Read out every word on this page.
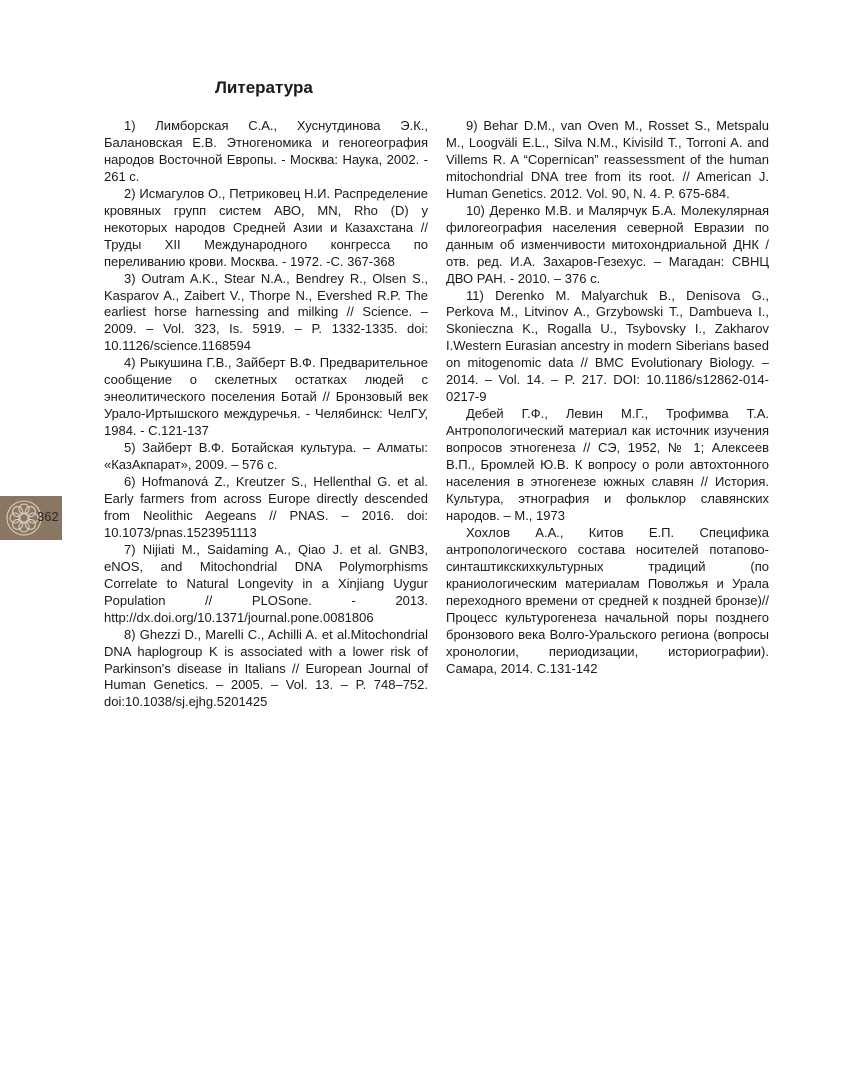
Литература

1) Лимборская С.А., Хуснутдинова Э.К., Балановская Е.В. Этногеномика и геногеография народов Восточной Европы. - Москва: Наука, 2002. - 261 с.

2) Исмагулов О., Петриковец Н.И. Распределение кровяных групп систем АВО, MN, Rho (D) у некоторых народов Средней Азии и Казахстана // Труды XII Международного конгресса по переливанию крови. Москва. - 1972. -С. 367-368

3) Outram A.K., Stear N.A., Bendrey R., Olsen S., Kasparov A., Zaibert V., Thorpe N., Evershed R.P. The earliest horse harnessing and milking // Science. – 2009. – Vol. 323, Is. 5919. – P. 1332-1335. doi: 10.1126/science.1168594

4) Рыкушина Г.В., Зайберт В.Ф. Предварительное сообщение о скелетных остатках людей с энеолитического поселения Ботай // Бронзовый век Урало-Иртышского междуречья. - Челябинск: ЧелГУ, 1984. - С.121-137

5) Зайберт В.Ф. Ботайская культура. – Алматы: «КазАкпарат», 2009. – 576 с.

6) Hofmanová Z., Kreutzer S., Hellenthal G. et al. Early farmers from across Europe directly descended from Neolithic Aegeans // PNAS. – 2016. doi: 10.1073/pnas.1523951113

7) Nijiati M., Saidaming A., Qiao J. et al. GNB3, eNOS, and Mitochondrial DNA Polymorphisms Correlate to Natural Longevity in a Xinjiang Uygur Population // PLOSone. - 2013. http://dx.doi.org/10.1371/journal.pone.0081806

8) Ghezzi D., Marelli C., Achilli A. et al.Mitochondrial DNA haplogroup K is associated with a lower risk of Parkinson's disease in Italians // European Journal of Human Genetics. – 2005. – Vol. 13. – P. 748–752. doi:10.1038/sj.ejhg.5201425

9) Behar D.M., van Oven M., Rosset S., Metspalu M., Loogväli E.L., Silva N.M., Kivisild T., Torroni A. and Villems R. A “Copernican” reassessment of the human mitochondrial DNA tree from its root. // American J. Human Genetics. 2012. Vol. 90, N. 4. P. 675-684.

10) Деренко М.В. и Малярчук Б.А. Молекулярная филогеография населения северной Евразии по данным об изменчивости митохондриальной ДНК / отв. ред. И.А. Захаров-Гезехус. – Магадан: СВНЦ ДВО РАН. - 2010. – 376 с.

11) Derenko M. Malyarchuk B., Denisova G., Perkova M., Litvinov A., Grzybowski T., Dambueva I., Skonieczna K., Rogalla U., Tsybovsky I., Zakharov I.Western Eurasian ancestry in modern Siberians based on mitogenomic data // BMC Evolutionary Biology. – 2014. – Vol. 14. – P. 217. DOI: 10.1186/s12862-014-0217-9

Дебей Г.Ф., Левин М.Г., Трофимва Т.А. Антропологический материал как источник изучения вопросов этногенеза // СЭ, 1952, № 1; Алексеев В.П., Бромлей Ю.В. К вопросу о роли автохтонного населения в этногенезе южных славян // История. Культура, этнография и фольклор славянских народов. – М., 1973

Хохлов А.А., Китов Е.П. Специфика антропологического состава носителей потапово-синташтикскихкультурных традиций (по краниологическим материалам Поволжья и Урала переходного времени от средней к поздней бронзе)// Процесс культурогенеза начальной поры позднего бронзового века Волго-Уральского региона (вопросы хронологии, периодизации, историографии). Самара, 2014. С.131-142

362
